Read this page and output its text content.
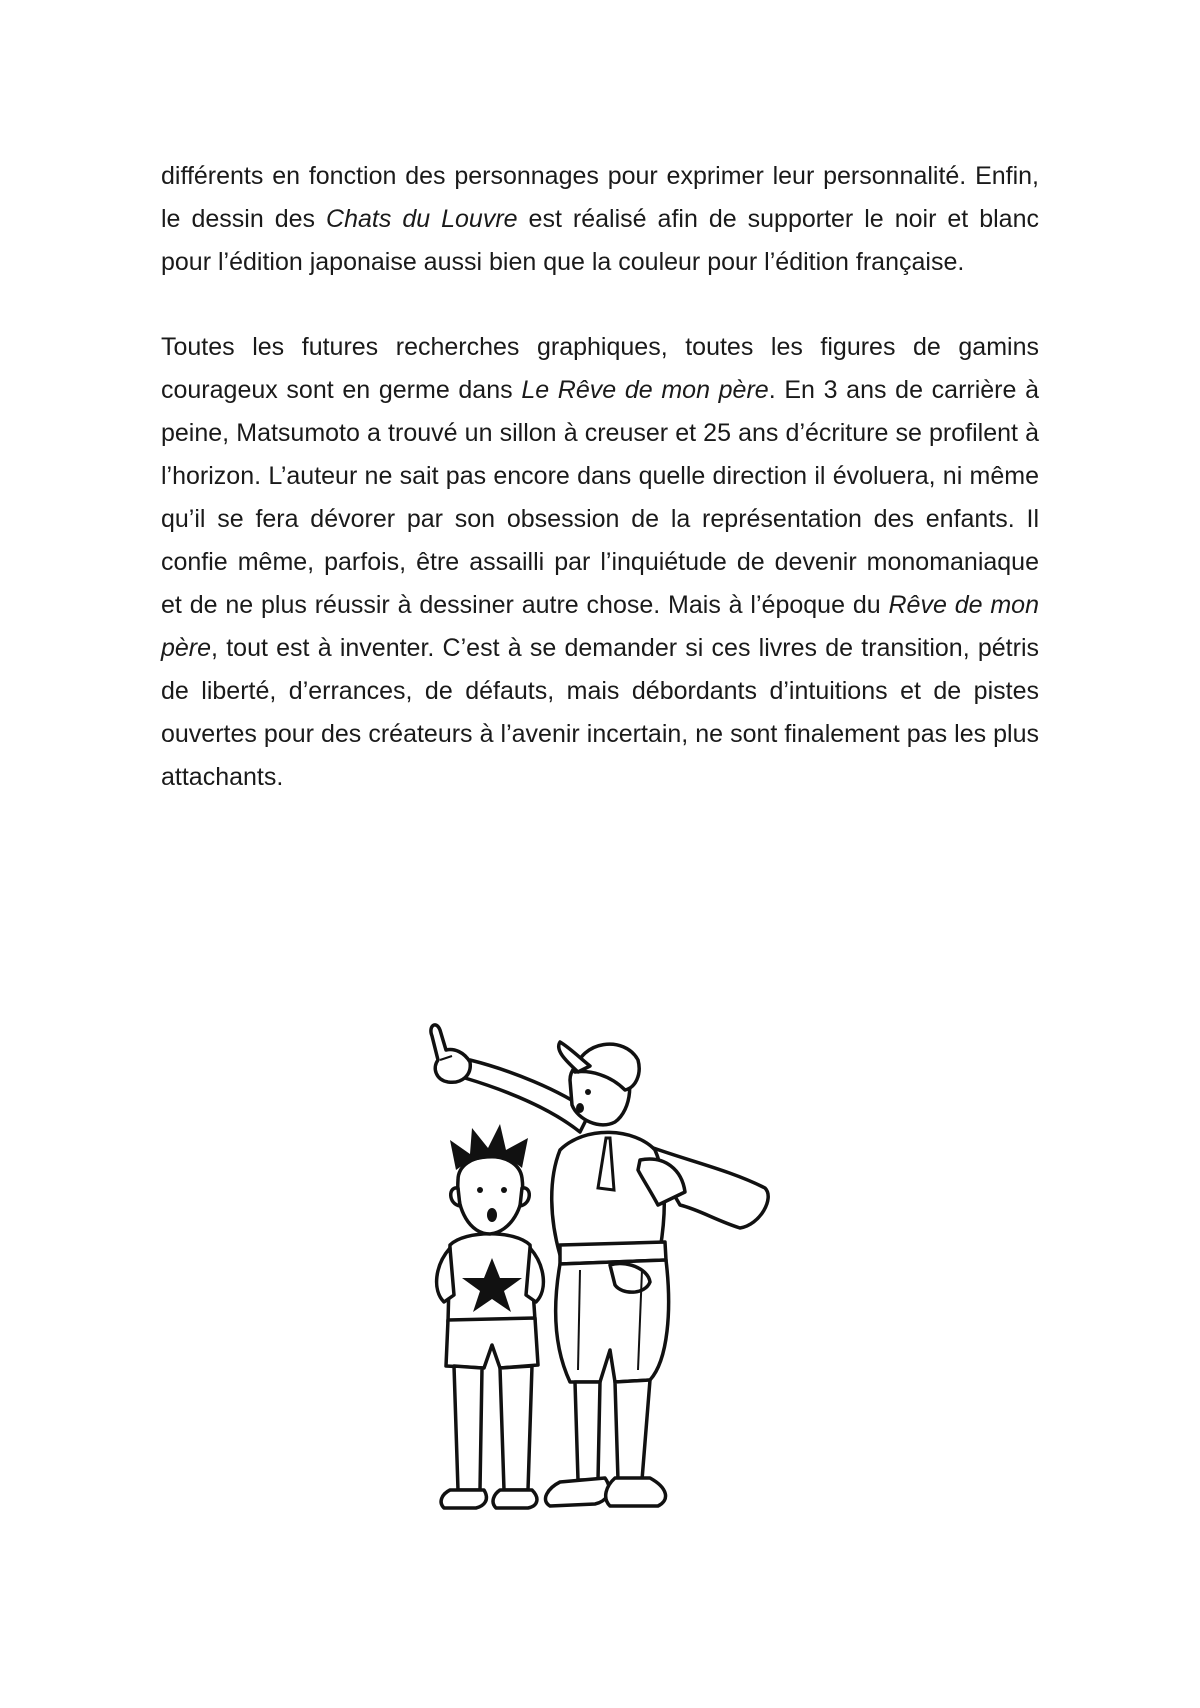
différents en fonction des personnages pour exprimer leur personnalité. Enfin, le dessin des Chats du Louvre est réalisé afin de supporter le noir et blanc pour l’édition japonaise aussi bien que la couleur pour l’édition française.

Toutes les futures recherches graphiques, toutes les figures de gamins courageux sont en germe dans Le Rêve de mon père. En 3 ans de carrière à peine, Matsumoto a trouvé un sillon à creuser et 25 ans d’écriture se profilent à l’horizon. L’auteur ne sait pas encore dans quelle direction il évoluera, ni même qu’il se fera dévorer par son obsession de la représentation des enfants. Il confie même, parfois, être assailli par l’inquiétude de devenir monomaniaque et de ne plus réussir à dessiner autre chose. Mais à l’époque du Rêve de mon père, tout est à inventer. C’est à se demander si ces livres de transition, pétris de liberté, d’errances, de défauts, mais débordants d’intuitions et de pistes ouvertes pour des créateurs à l’avenir incertain, ne sont finalement pas les plus attachants.
